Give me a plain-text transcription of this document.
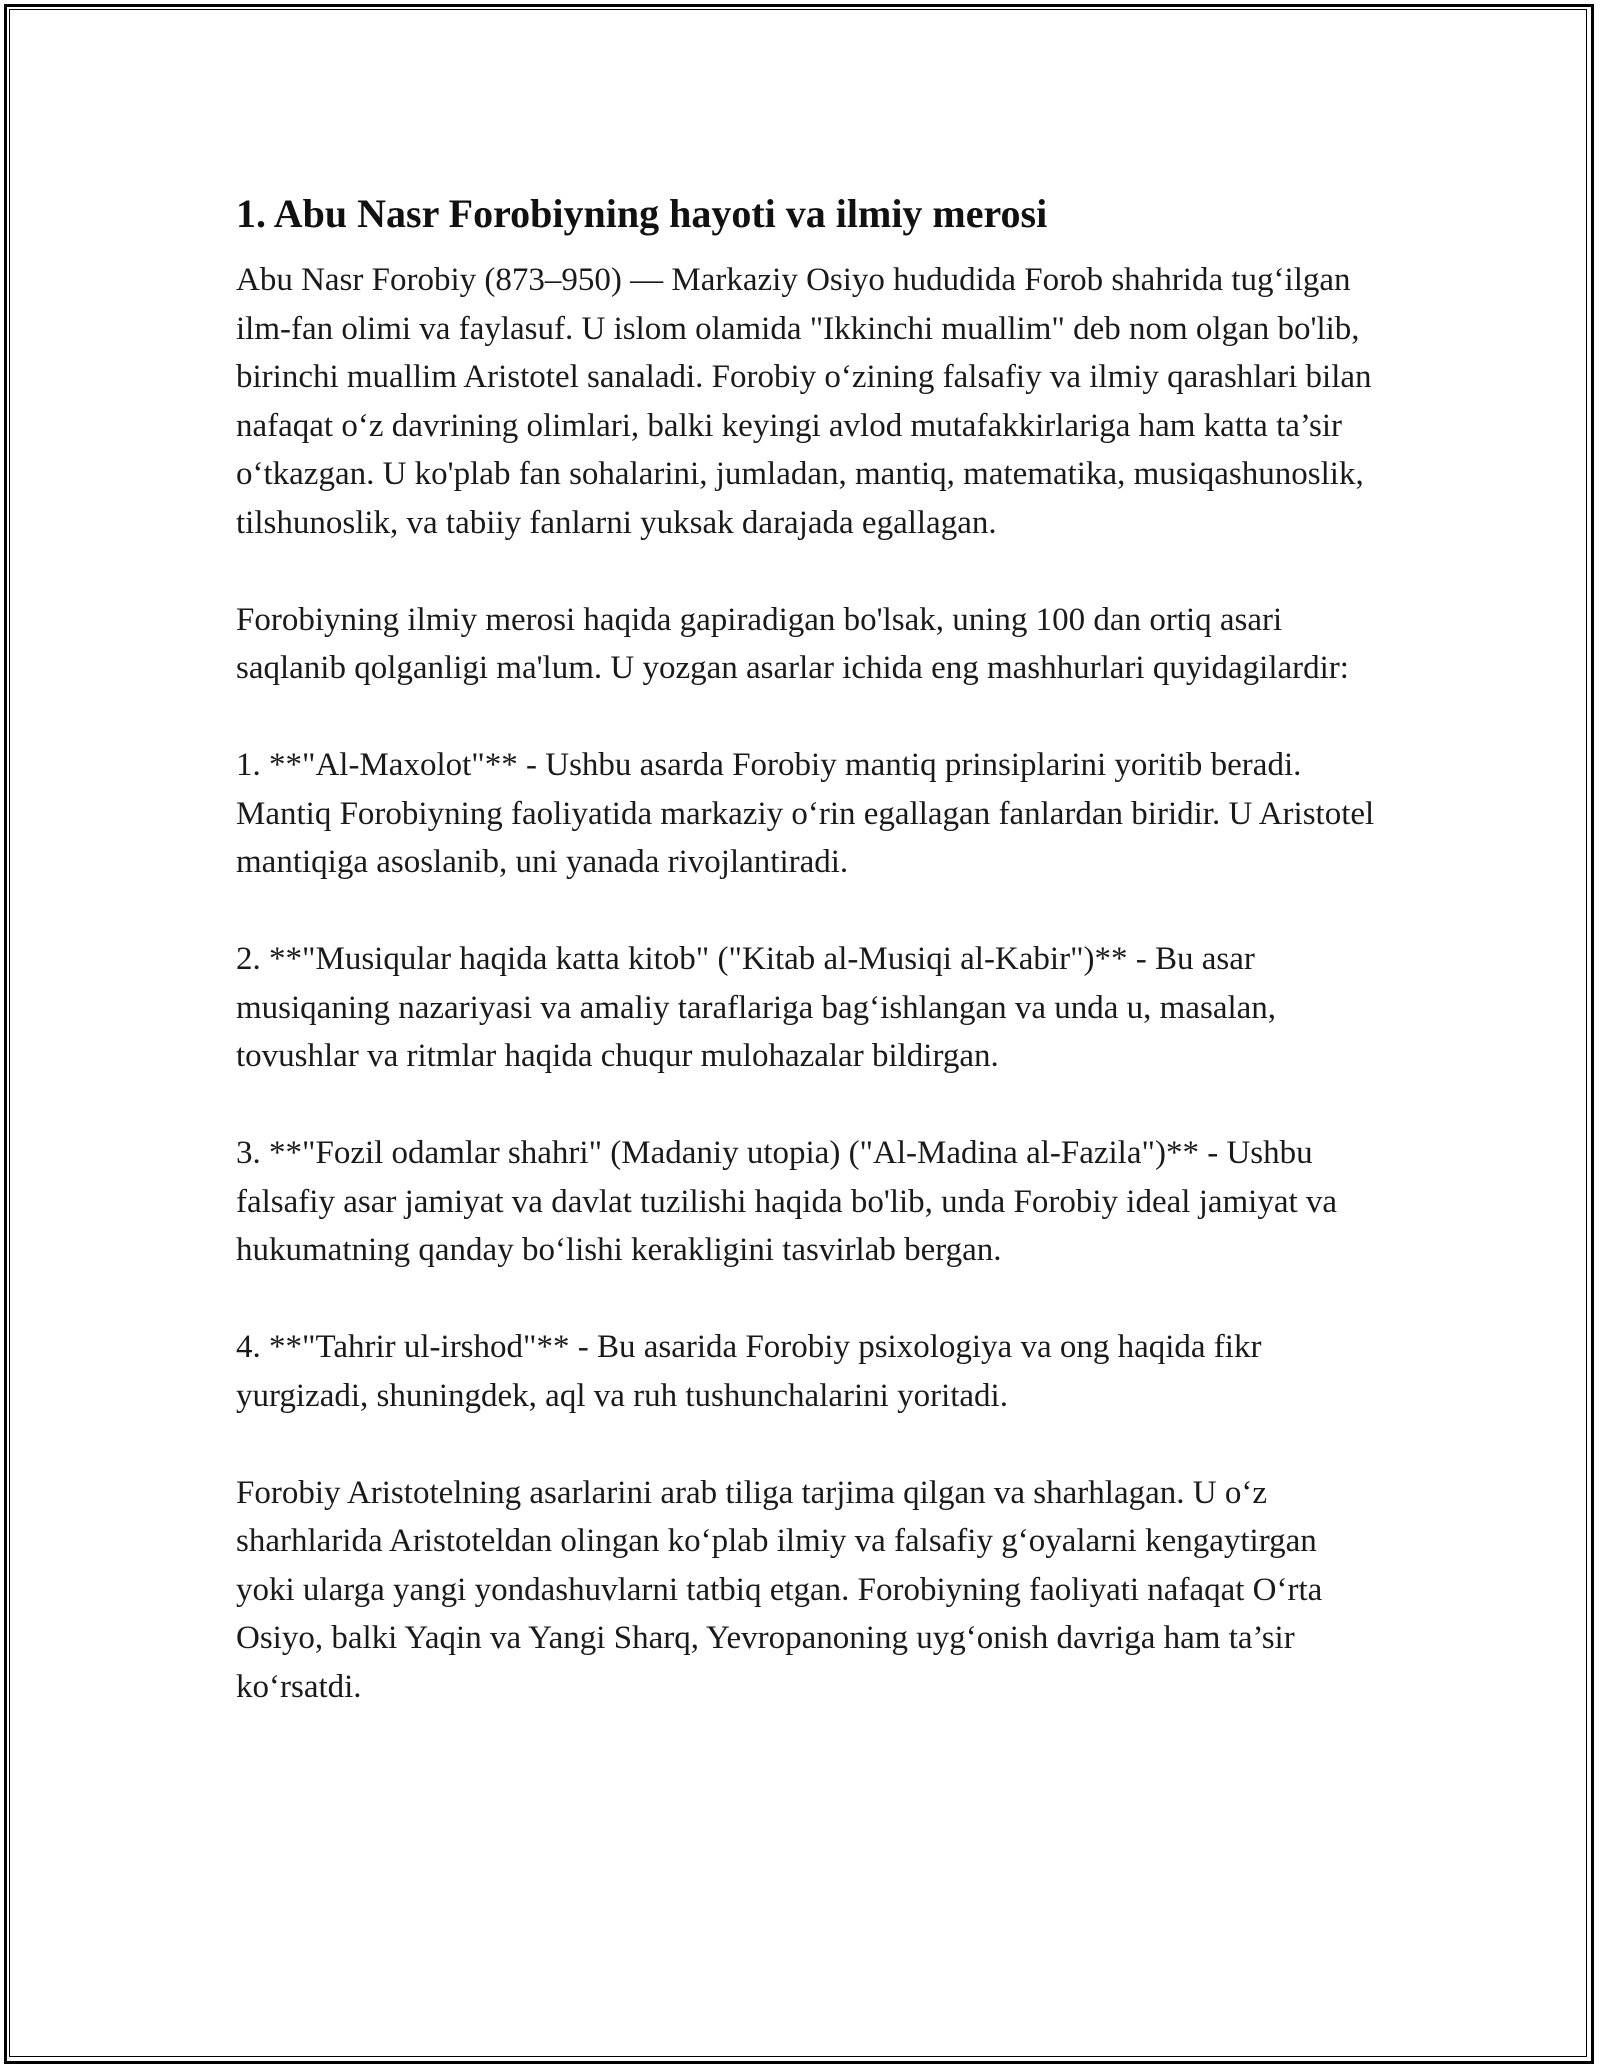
1. Abu Nasr Forobiyning hayoti va ilmiy merosi

Abu Nasr Forobiy (873–950) — Markaziy Osiyo hududida Forob shahrida tug‘ilgan ilm-fan olimi va faylasuf. U islom olamida "Ikkinchi muallim" deb nom olgan bo'lib, birinchi muallim Aristotel sanaladi. Forobiy o‘zining falsafiy va ilmiy qarashlari bilan nafaqat o‘z davrining olimlari, balki keyingi avlod mutafakkirlariga ham katta ta’sir o‘tkazgan. U ko'plab fan sohalarini, jumladan, mantiq, matematika, musiqashunoslik, tilshunoslik, va tabiiy fanlarni yuksak darajada egallagan.

Forobiyning ilmiy merosi haqida gapiradigan bo'lsak, uning 100 dan ortiq asari saqlanib qolganligi ma'lum. U yozgan asarlar ichida eng mashhurlari quyidagilardir:

1. **"Al-Maxolot"** - Ushbu asarda Forobiy mantiq prinsiplarini yoritib beradi. Mantiq Forobiyning faoliyatida markaziy o‘rin egallagan fanlardan biridir. U Aristotel mantiqiga asoslanib, uni yanada rivojlantiradi.

2. **"Musiqular haqida katta kitob" ("Kitab al-Musiqi al-Kabir")** - Bu asar musiqaning nazariyasi va amaliy taraflariga bag‘ishlangan va unda u, masalan, tovushlar va ritmlar haqida chuqur mulohazalar bildirgan.

3. **"Fozil odamlar shahri" (Madaniy utopia) ("Al-Madina al-Fazila")** - Ushbu falsafiy asar jamiyat va davlat tuzilishi haqida bo'lib, unda Forobiy ideal jamiyat va hukumatning qanday bo‘lishi kerakligini tasvirlab bergan.

4. **"Tahrir ul-irshod"** - Bu asarida Forobiy psixologiya va ong haqida fikr yurgizadi, shuningdek, aql va ruh tushunchalarini yoritadi.

Forobiy Aristotelning asarlarini arab tiliga tarjima qilgan va sharhlagan. U o‘z sharhlarida Aristoteldan olingan ko‘plab ilmiy va falsafiy g‘oyalarni kengaytirgan yoki ularga yangi yondashuvlarni tatbiq etgan. Forobiyning faoliyati nafaqat O‘rta Osiyo, balki Yaqin va Yangi Sharq, Yevropanoning uyg‘onish davriga ham ta’sir ko‘rsatdi.
